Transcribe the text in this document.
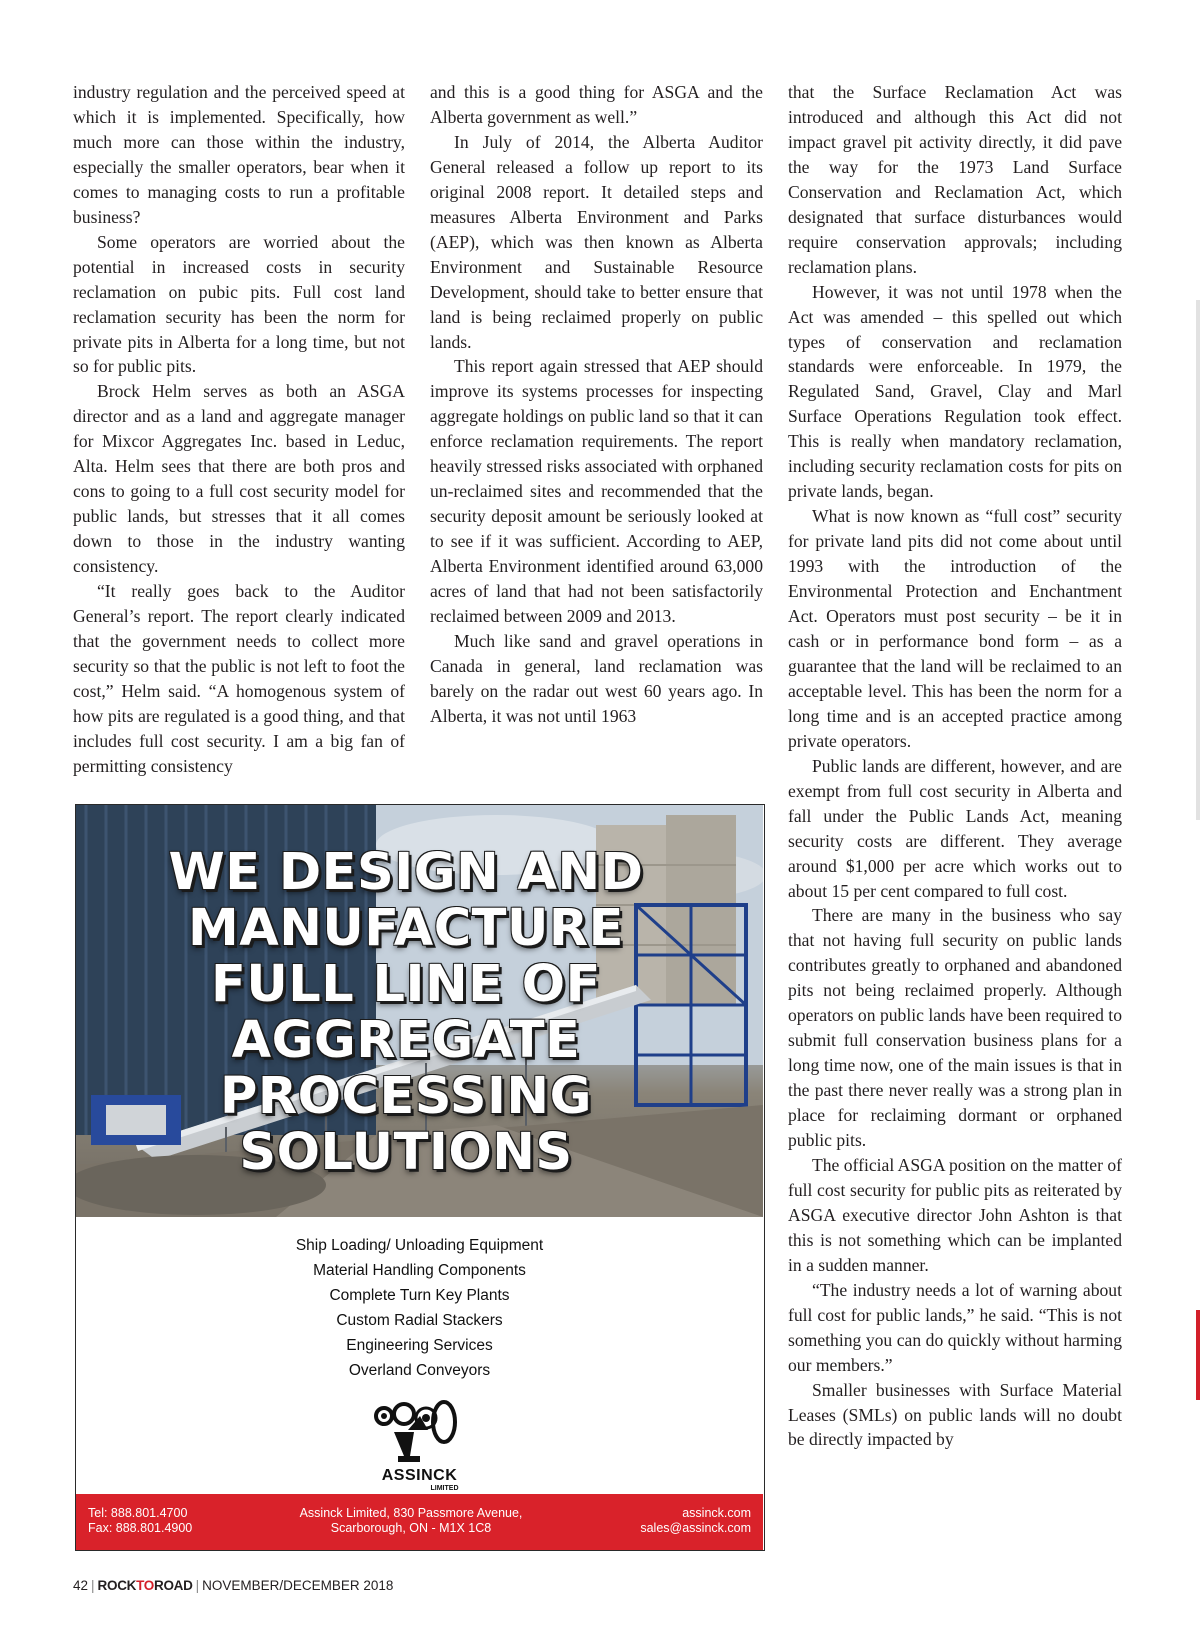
industry regulation and the perceived speed at which it is implemented. Specifically, how much more can those within the industry, especially the smaller operators, bear when it comes to managing costs to run a profitable business?

Some operators are worried about the potential in increased costs in security reclamation on pubic pits. Full cost land reclamation security has been the norm for private pits in Alberta for a long time, but not so for public pits.

Brock Helm serves as both an ASGA director and as a land and aggregate manager for Mixcor Aggregates Inc. based in Leduc, Alta. Helm sees that there are both pros and cons to going to a full cost security model for public lands, but stresses that it all comes down to those in the industry wanting consistency.

“It really goes back to the Auditor General’s report. The report clearly indicated that the government needs to collect more security so that the public is not left to foot the cost,” Helm said. “A homogenous system of how pits are regulated is a good thing, and that includes full cost security. I am a big fan of permitting consistency

and this is a good thing for ASGA and the Alberta government as well.”

In July of 2014, the Alberta Auditor General released a follow up report to its original 2008 report. It detailed steps and measures Alberta Environment and Parks (AEP), which was then known as Alberta Environment and Sustainable Resource Development, should take to better ensure that land is being reclaimed properly on public lands.

This report again stressed that AEP should improve its systems processes for inspecting aggregate holdings on public land so that it can enforce reclamation requirements. The report heavily stressed risks associated with orphaned un-reclaimed sites and recommended that the security deposit amount be seriously looked at to see if it was sufficient. According to AEP, Alberta Environment identified around 63,000 acres of land that had not been satisfactorily reclaimed between 2009 and 2013.

Much like sand and gravel operations in Canada in general, land reclamation was barely on the radar out west 60 years ago. In Alberta, it was not until 1963

that the Surface Reclamation Act was introduced and although this Act did not impact gravel pit activity directly, it did pave the way for the 1973 Land Surface Conservation and Reclamation Act, which designated that surface disturbances would require conservation approvals; including reclamation plans.

However, it was not until 1978 when the Act was amended – this spelled out which types of conservation and reclamation standards were enforceable. In 1979, the Regulated Sand, Gravel, Clay and Marl Surface Operations Regulation took effect. This is really when mandatory reclamation, including security reclamation costs for pits on private lands, began.

What is now known as “full cost” security for private land pits did not come about until 1993 with the introduction of the Environmental Protection and Enchantment Act. Operators must post security – be it in cash or in performance bond form – as a guarantee that the land will be reclaimed to an acceptable level. This has been the norm for a long time and is an accepted practice among private operators.

Public lands are different, however, and are exempt from full cost security in Alberta and fall under the Public Lands Act, meaning security costs are different. They average around $1,000 per acre which works out to about 15 per cent compared to full cost.

There are many in the business who say that not having full security on public lands contributes greatly to orphaned and abandoned pits not being reclaimed properly. Although operators on public lands have been required to submit full conservation business plans for a long time now, one of the main issues is that in the past there never really was a strong plan in place for reclaiming dormant or orphaned public pits.

The official ASGA position on the matter of full cost security for public pits as reiterated by ASGA executive director John Ashton is that this is not something which can be implanted in a sudden manner.

“The industry needs a lot of warning about full cost for public lands,” he said. “This is not something you can do quickly without harming our members.”

Smaller businesses with Surface Material Leases (SMLs) on public lands will no doubt be directly impacted by

WE DESIGN AND
MANUFACTURE
FULL LINE OF
AGGREGATE
PROCESSING
SOLUTIONS
Ship Loading/ Unloading Equipment
Material Handling Components
Complete Turn Key Plants
Custom Radial Stackers
Engineering Services
Overland Conveyors
ASSINCK
LIMITED
Tel: 888.801.4700
Fax: 888.801.4900
Assinck Limited, 830 Passmore Avenue,
Scarborough, ON - M1X 1C8
assinck.com
sales@assinck.com
42 | ROCKTOROAD | NOVEMBER/DECEMBER 2018
